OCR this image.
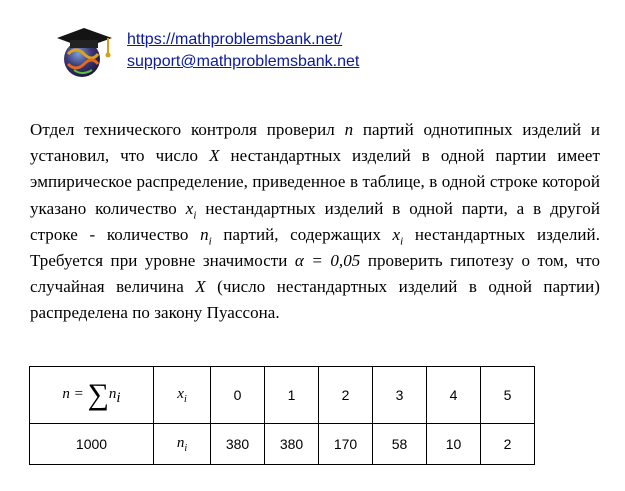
https://mathproblemsbank.net/
support@mathproblemsbank.net

Отдел технического контроля проверил n партий однотипных изделий и установил, что число X нестандартных изделий в одной партии имеет эмпирическое распределение, приведенное в таблице, в одной строке которой указано количество $x_i$ нестандартных изделий в одной парти, а в другой строке - количество $n_i$ партий, содержащих $x_i$ нестандартных изделий. Требуется при уровне значимости α = 0,05 проверить гипотезу о том, что случайная величина X (число нестандартных изделий в одной партии) распределена по закону Пуассона.

$n = \sum n_i$	$x_i$	0	1	2	3	4	5
1000	$n_i$	380	380	170	58	10	2
